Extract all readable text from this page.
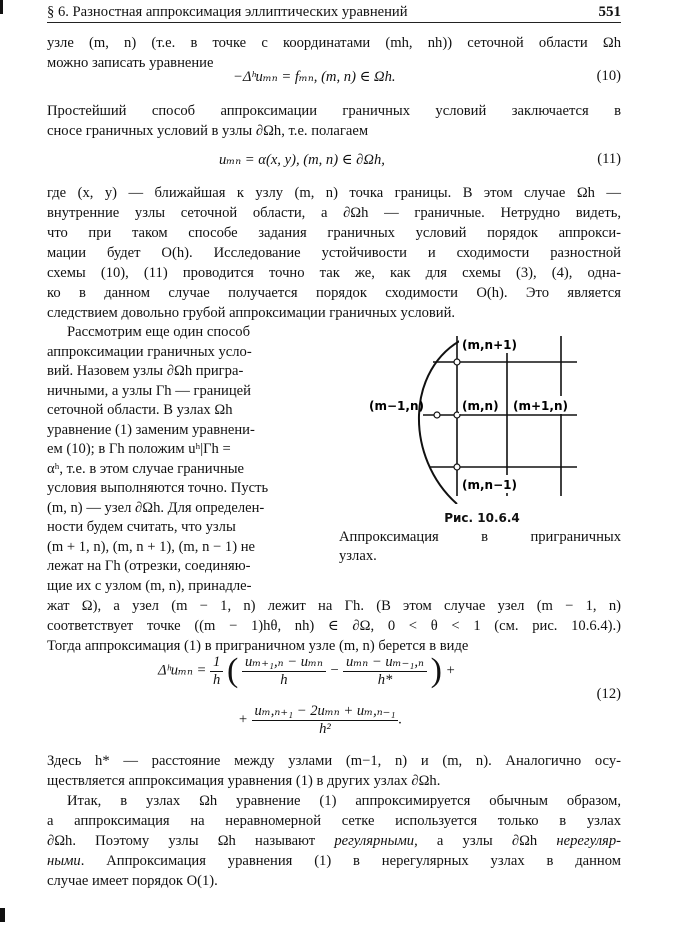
§ 6. Разностная аппроксимация эллиптических уравнений	551
узле (m, n) (т.е. в точке с координатами (mh, nh)) сеточной области Ωh
можно записать уравнение
−Δʰuₘₙ = fₘₙ, (m, n) ∈ Ωh.	(10)
Простейший способ аппроксимации граничных условий заключается в
сносе граничных условий в узлы ∂Ωh, т.е. полагаем
uₘₙ = α(x, y), (m, n) ∈ ∂Ωh,	(11)
где (x, y) — ближайшая к узлу (m, n) точка границы. В этом случае Ωh —
внутренние узлы сеточной области, а ∂Ωh — граничные. Нетрудно видеть,
что при таком способе задания граничных условий порядок аппрокси-
мации будет O(h). Исследование устойчивости и сходимости разностной
схемы (10), (11) проводится точно так же, как для схемы (3), (4), одна-
ко в данном случае получается порядок сходимости O(h). Это является
следствием довольно грубой аппроксимации граничных условий.
Рассмотрим еще один способ
аппроксимации граничных усло-
вий. Назовем узлы ∂Ωh пригра-
ничными, а узлы Γh — границей
сеточной области. В узлах Ωh
уравнение (1) заменим уравнени-
ем (10); в Γh положим uʰ|Γh =
αʰ, т.е. в этом случае граничные
условия выполняются точно. Пусть
(m, n) — узел ∂Ωh. Для определен-
ности будем считать, что узлы
(m + 1, n), (m, n + 1), (m, n − 1) не
лежат на Γh (отрезки, соединяю-
щие их с узлом (m, n), принадле-
жат Ω), а узел (m − 1, n) лежит на Γh. (В этом случае узел (m − 1, n)
соответствует точке ((m − 1)hθ, nh) ∈ ∂Ω, 0 < θ < 1 (см. рис. 10.6.4).)
Тогда аппроксимация (1) в приграничном узле (m, n) берется в виде
(m,n+1)
(m−1,n)	(m,n) (m+1,n)
(m,n−1)
Рис. 10.6.4
Аппроксимация в приграничных
узлах.
Δʰuₘₙ = $\frac{1}{h}$ ( $\frac{\text{uₘ₊₁,ₙ − uₘₙ}}{h} - \frac{\text{uₘₙ − uₘ₋₁,ₙ}}{h*}$ ) +
+ $\frac{\text{uₘ,ₙ₊₁ − 2uₘₙ + uₘ,ₙ₋₁}}{\text{h²}}$ .
(12)
Здесь h* — расстояние между узлами (m−1, n) и (m, n). Аналогично осу-
ществляется аппроксимация уравнения (1) в других узлах ∂Ωh.
Итак, в узлах Ωh уравнение (1) аппроксимируется обычным образом,
а аппроксимация на неравномерной сетке используется только в узлах
∂Ωh. Поэтому узлы Ωh называют регулярными, а узлы ∂Ωh нерегуляр-
ными. Аппроксимация уравнения (1) в нерегулярных узлах в данном
случае имеет порядок O(1).
